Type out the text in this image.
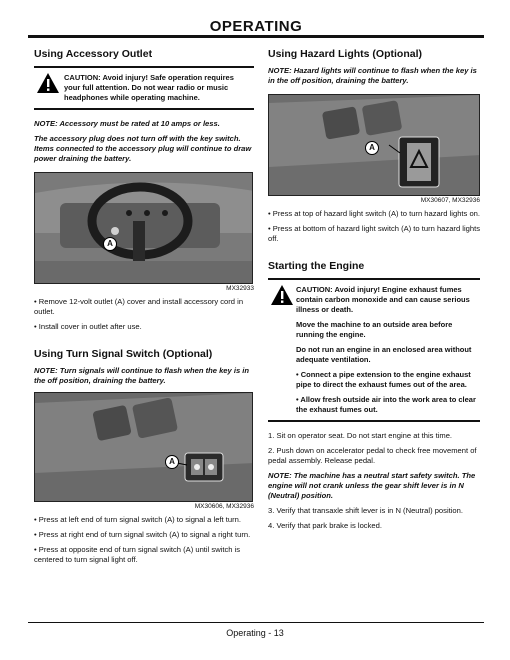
OPERATING
Using Accessory Outlet

CAUTION: Avoid injury! Safe operation requires your full attention. Do not wear radio or music headphones while operating machine.

NOTE: Accessory must be rated at 10 amps or less.

The accessory plug does not turn off with the key switch. Items connected to the accessory plug will continue to draw power draining the battery.

A
MX32933

• Remove 12-volt outlet (A) cover and install accessory cord in outlet.

• Install cover in outlet after use.

Using Turn Signal Switch (Optional)

NOTE: Turn signals will continue to flash when the key is in the off position, draining the battery.

A
MX30606, MX32936

• Press at left end of turn signal switch (A) to signal a left turn.

• Press at right end of turn signal switch (A) to signal a right turn.

• Press at opposite end of turn signal switch (A) until switch is centered to turn signal light off.

Using Hazard Lights (Optional)

NOTE: Hazard lights will continue to flash when the key is in the off position, draining the battery.

A
MX30607, MX32936

• Press at top of hazard light switch (A) to turn hazard lights on.

• Press at bottom of hazard light switch (A) to turn hazard lights off.

Starting the Engine

CAUTION: Avoid injury! Engine exhaust fumes contain carbon monoxide and can cause serious illness or death.

Move the machine to an outside area before running the engine.

Do not run an engine in an enclosed area without adequate ventilation.

• Connect a pipe extension to the engine exhaust pipe to direct the exhaust fumes out of the area.

• Allow fresh outside air into the work area to clear the exhaust fumes out.

1. Sit on operator seat. Do not start engine at this time.

2. Push down on accelerator pedal to check free movement of pedal assembly. Release pedal.

NOTE: The machine has a neutral start safety switch. The engine will not crank unless the gear shift lever is in N (Neutral) position.

3. Verify that transaxle shift lever is in N (Neutral) position.

4. Verify that park brake is locked.

Operating - 13
